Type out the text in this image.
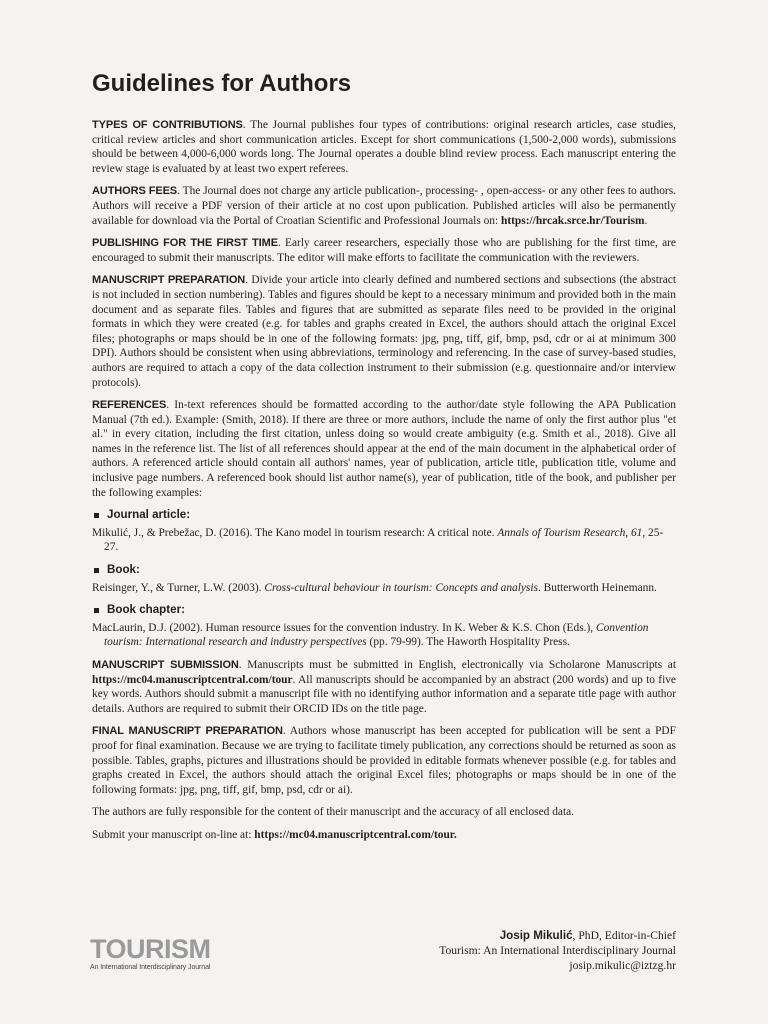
Guidelines for Authors

TYPES OF CONTRIBUTIONS. The Journal publishes four types of contributions: original research articles, case studies, critical review articles and short communication articles. Except for short communications (1,500-2,000 words), submissions should be between 4,000-6,000 words long. The Journal operates a double blind review process. Each manuscript entering the review stage is evaluated by at least two expert referees.

AUTHORS FEES. The Journal does not charge any article publication-, processing- , open-access- or any other fees to authors. Authors will receive a PDF version of their article at no cost upon publication. Published articles will also be permanently available for download via the Portal of Croatian Scientific and Professional Journals on: https://hrcak.srce.hr/Tourism.

PUBLISHING FOR THE FIRST TIME. Early career researchers, especially those who are publishing for the first time, are encouraged to submit their manuscripts. The editor will make efforts to facilitate the communication with the reviewers.

MANUSCRIPT PREPARATION. Divide your article into clearly defined and numbered sections and subsections (the abstract is not included in section numbering). Tables and figures should be kept to a necessary minimum and provided both in the main document and as separate files. Tables and figures that are submitted as separate files need to be provided in the original formats in which they were created (e.g. for tables and graphs created in Excel, the authors should attach the original Excel files; photographs or maps should be in one of the following formats: jpg, png, tiff, gif, bmp, psd, cdr or ai at minimum 300 DPI). Authors should be consistent when using abbreviations, terminology and referencing. In the case of survey-based studies, authors are required to attach a copy of the data collection instrument to their submission (e.g. questionnaire and/or interview protocols).

REFERENCES. In-text references should be formatted according to the author/date style following the APA Publication Manual (7th ed.). Example: (Smith, 2018). If there are three or more authors, include the name of only the first author plus "et al." in every citation, including the first citation, unless doing so would create ambiguity (e.g. Smith et al., 2018). Give all names in the reference list. The list of all references should appear at the end of the main document in the alphabetical order of authors. A referenced article should contain all authors' names, year of publication, article title, publication title, volume and inclusive page numbers. A referenced book should list author name(s), year of publication, title of the book, and publisher per the following examples:

Journal article:
Mikulić, J., & Prebežac, D. (2016). The Kano model in tourism research: A critical note. Annals of Tourism Research, 61, 25-27.
Book:
Reisinger, Y., & Turner, L.W. (2003). Cross-cultural behaviour in tourism: Concepts and analysis. Butterworth Heinemann.
Book chapter:
MacLaurin, D.J. (2002). Human resource issues for the convention industry. In K. Weber & K.S. Chon (Eds.), Convention tourism: International research and industry perspectives (pp. 79-99). The Haworth Hospitality Press.

MANUSCRIPT SUBMISSION. Manuscripts must be submitted in English, electronically via Scholarone Manuscripts at https://mc04.manuscriptcentral.com/tour. All manuscripts should be accompanied by an abstract (200 words) and up to five key words. Authors should submit a manuscript file with no identifying author information and a separate title page with author details. Authors are required to submit their ORCID IDs on the title page.

FINAL MANUSCRIPT PREPARATION. Authors whose manuscript has been accepted for publication will be sent a PDF proof for final examination. Because we are trying to facilitate timely publication, any corrections should be returned as soon as possible. Tables, graphs, pictures and illustrations should be provided in editable formats whenever possible (e.g. for tables and graphs created in Excel, the authors should attach the original Excel files; photographs or maps should be in one of the following formats: jpg, png, tiff, gif, bmp, psd, cdr or ai).

The authors are fully responsible for the content of their manuscript and the accuracy of all enclosed data.

Submit your manuscript on-line at: https://mc04.manuscriptcentral.com/tour.

TOURISM
An International Interdisciplinary Journal
Josip Mikulić, PhD, Editor-in-Chief
Tourism: An International Interdisciplinary Journal
josip.mikulic@iztzg.hr
